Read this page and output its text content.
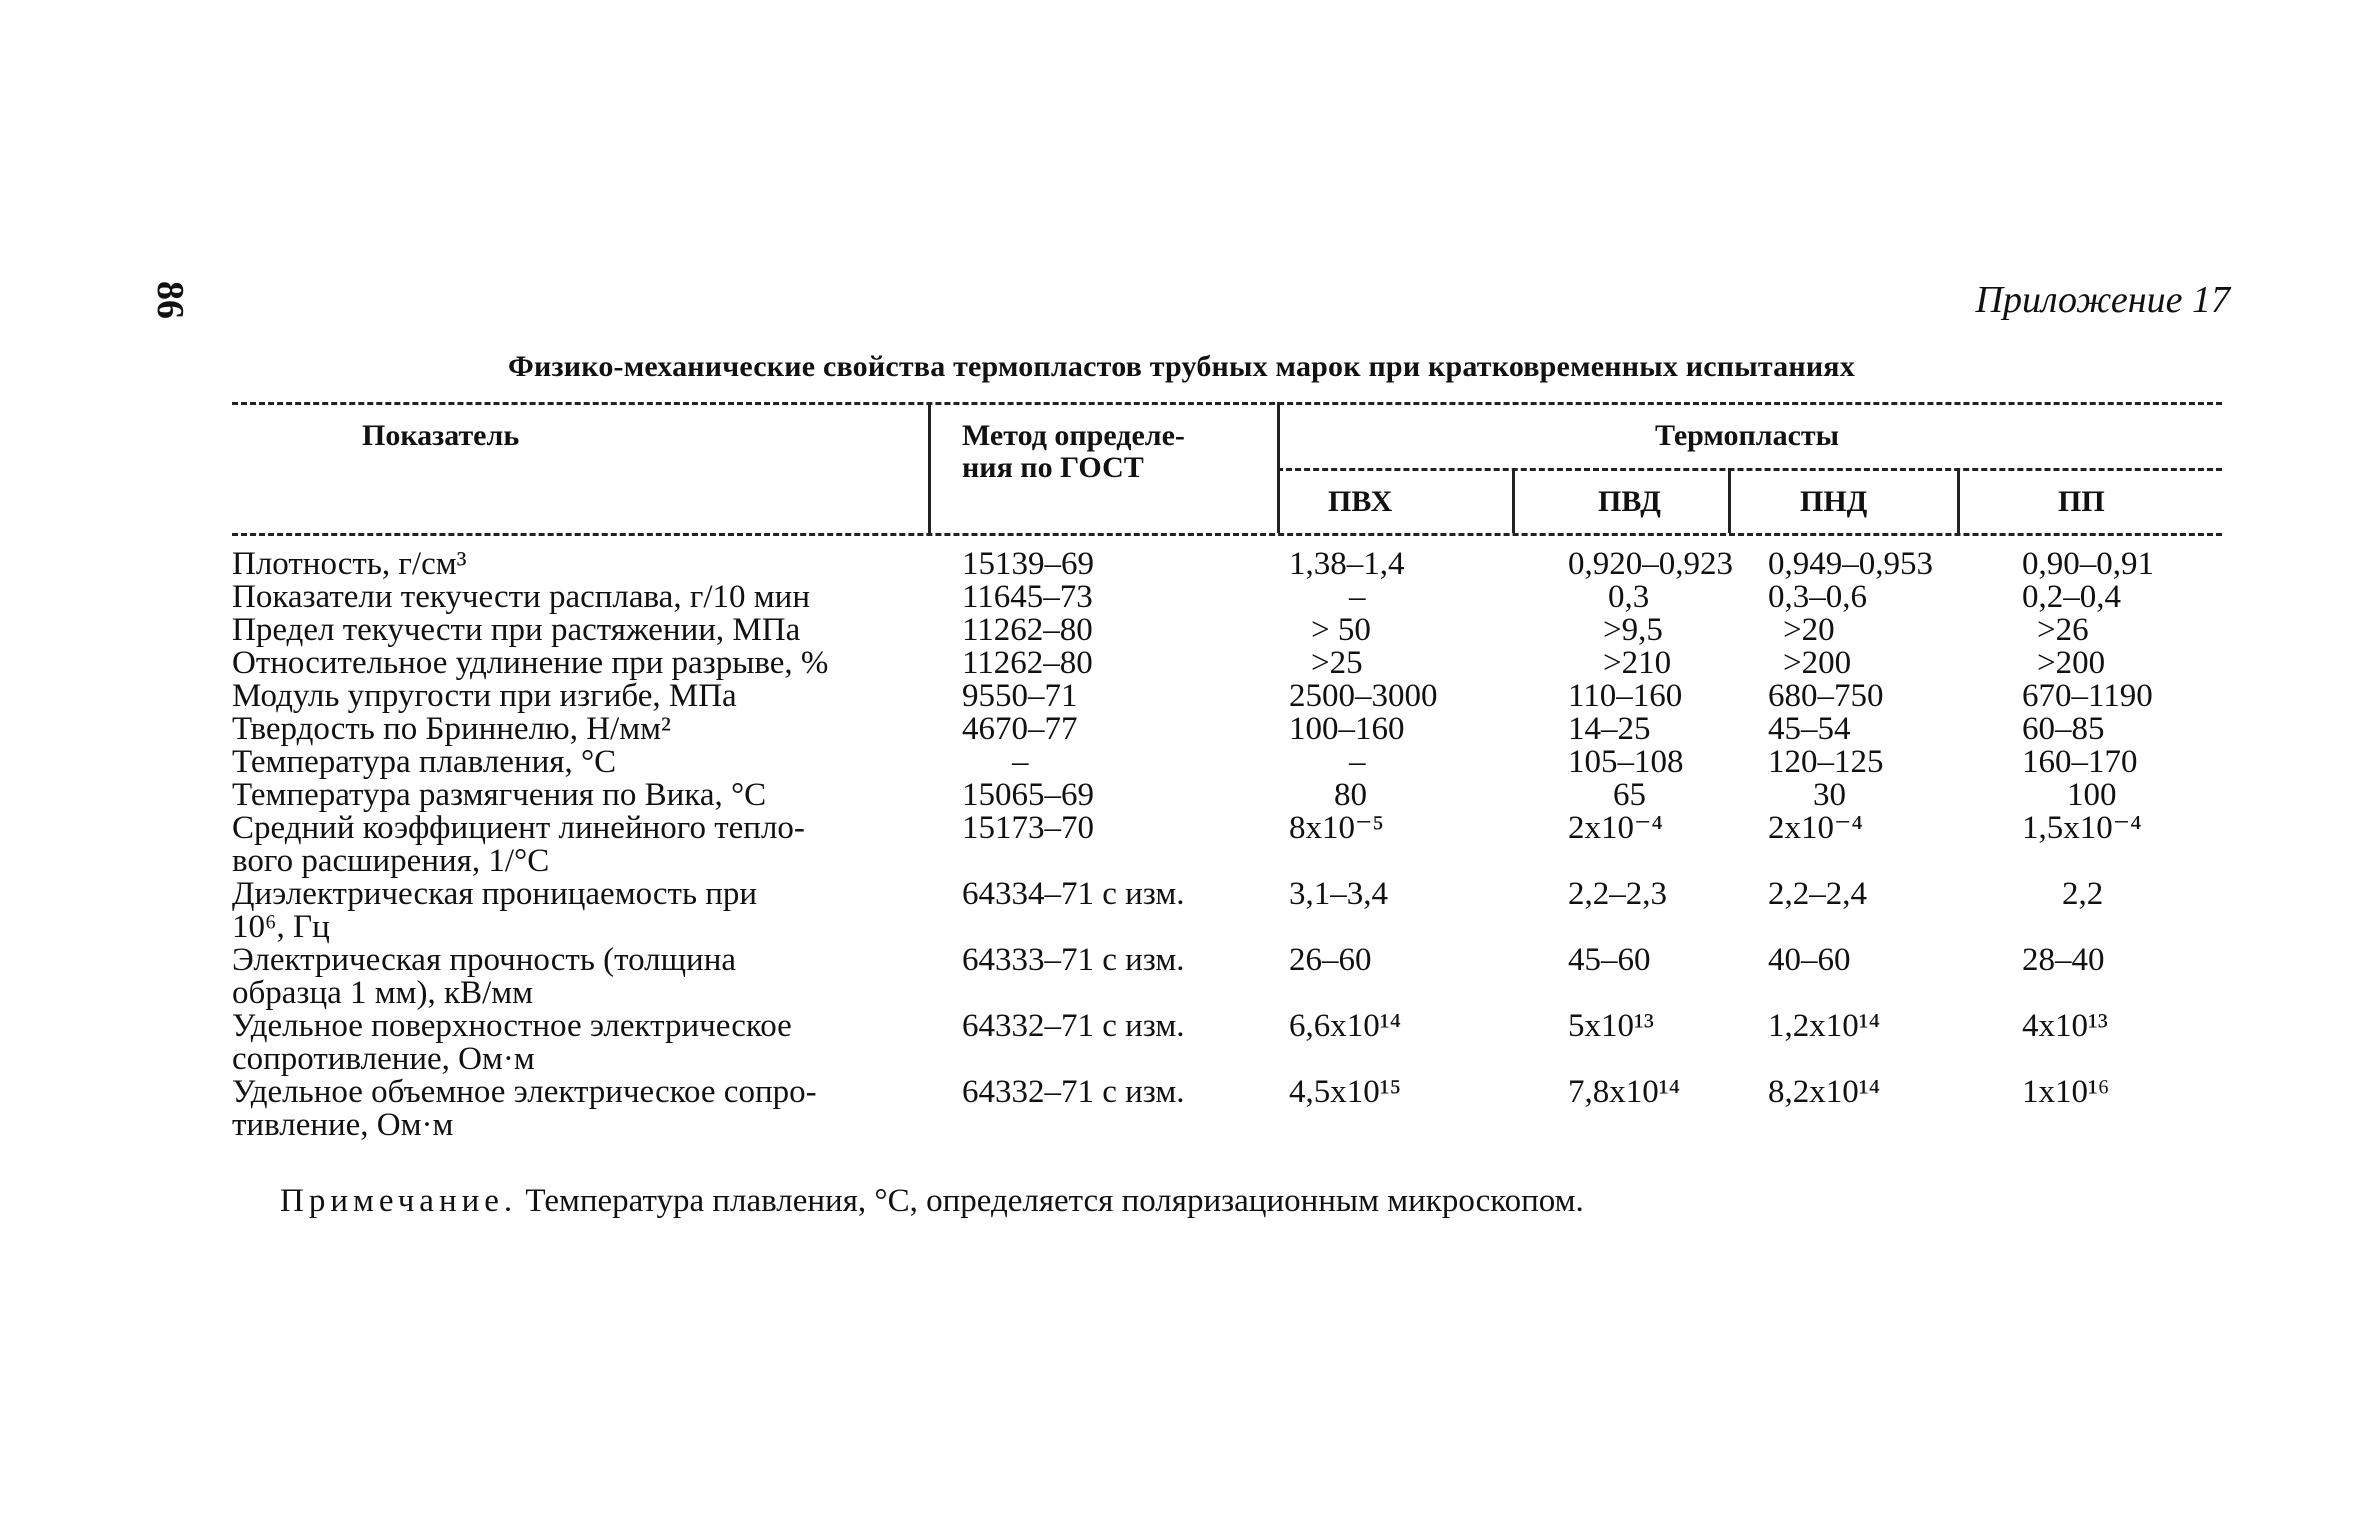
86	Приложение 17
Физико-механические свойства термопластов трубных марок при кратковременных испытаниях
Показатель	Метод определе-
ния по ГОСТ
Термопласты
ПВХ	ПВД	ПНД	ПП
Плотность, г/см³	15139–69	1,38–1,4	0,920–0,923	0,949–0,953	0,90–0,91
Показатели текучести расплава, г/10 мин	11645–73	–	0,3	0,3–0,6	0,2–0,4
Предел текучести при растяжении, МПа	11262–80	> 50	>9,5	>20	>26
Относительное удлинение при разрыве, %	11262–80	>25	>210	>200	>200
Модуль упругости при изгибе, МПа	9550–71	2500–3000	110–160	680–750	670–1190
Твердость по Бриннелю, Н/мм²	4670–77	100–160	14–25	45–54	60–85
Температура плавления, °С	–	–	105–108	120–125	160–170
Температура размягчения по Вика, °С	15065–69	80	65	30	100
Средний коэффициент линейного тепло-
вого расширения, 1/°С
15173–70	8x10⁻⁵	2x10⁻⁴	2x10⁻⁴	1,5x10⁻⁴
Диэлектрическая проницаемость при
10⁶, Гц
64334–71 с изм.	3,1–3,4	2,2–2,3	2,2–2,4	2,2
Электрическая прочность (толщина
образца 1 мм), кВ/мм
64333–71 с изм.	26–60	45–60	40–60	28–40
Удельное поверхностное электрическое
сопротивление, Ом·м
64332–71 с изм.	6,6x10¹⁴	5x10¹³	1,2x10¹⁴	4x10¹³
Удельное объемное электрическое сопро-
тивление, Ом·м
64332–71 с изм.	4,5x10¹⁵	7,8x10¹⁴	8,2x10¹⁴	1x10¹⁶
Примечание. Температура плавления, °С, определяется поляризационным микроскопом.
